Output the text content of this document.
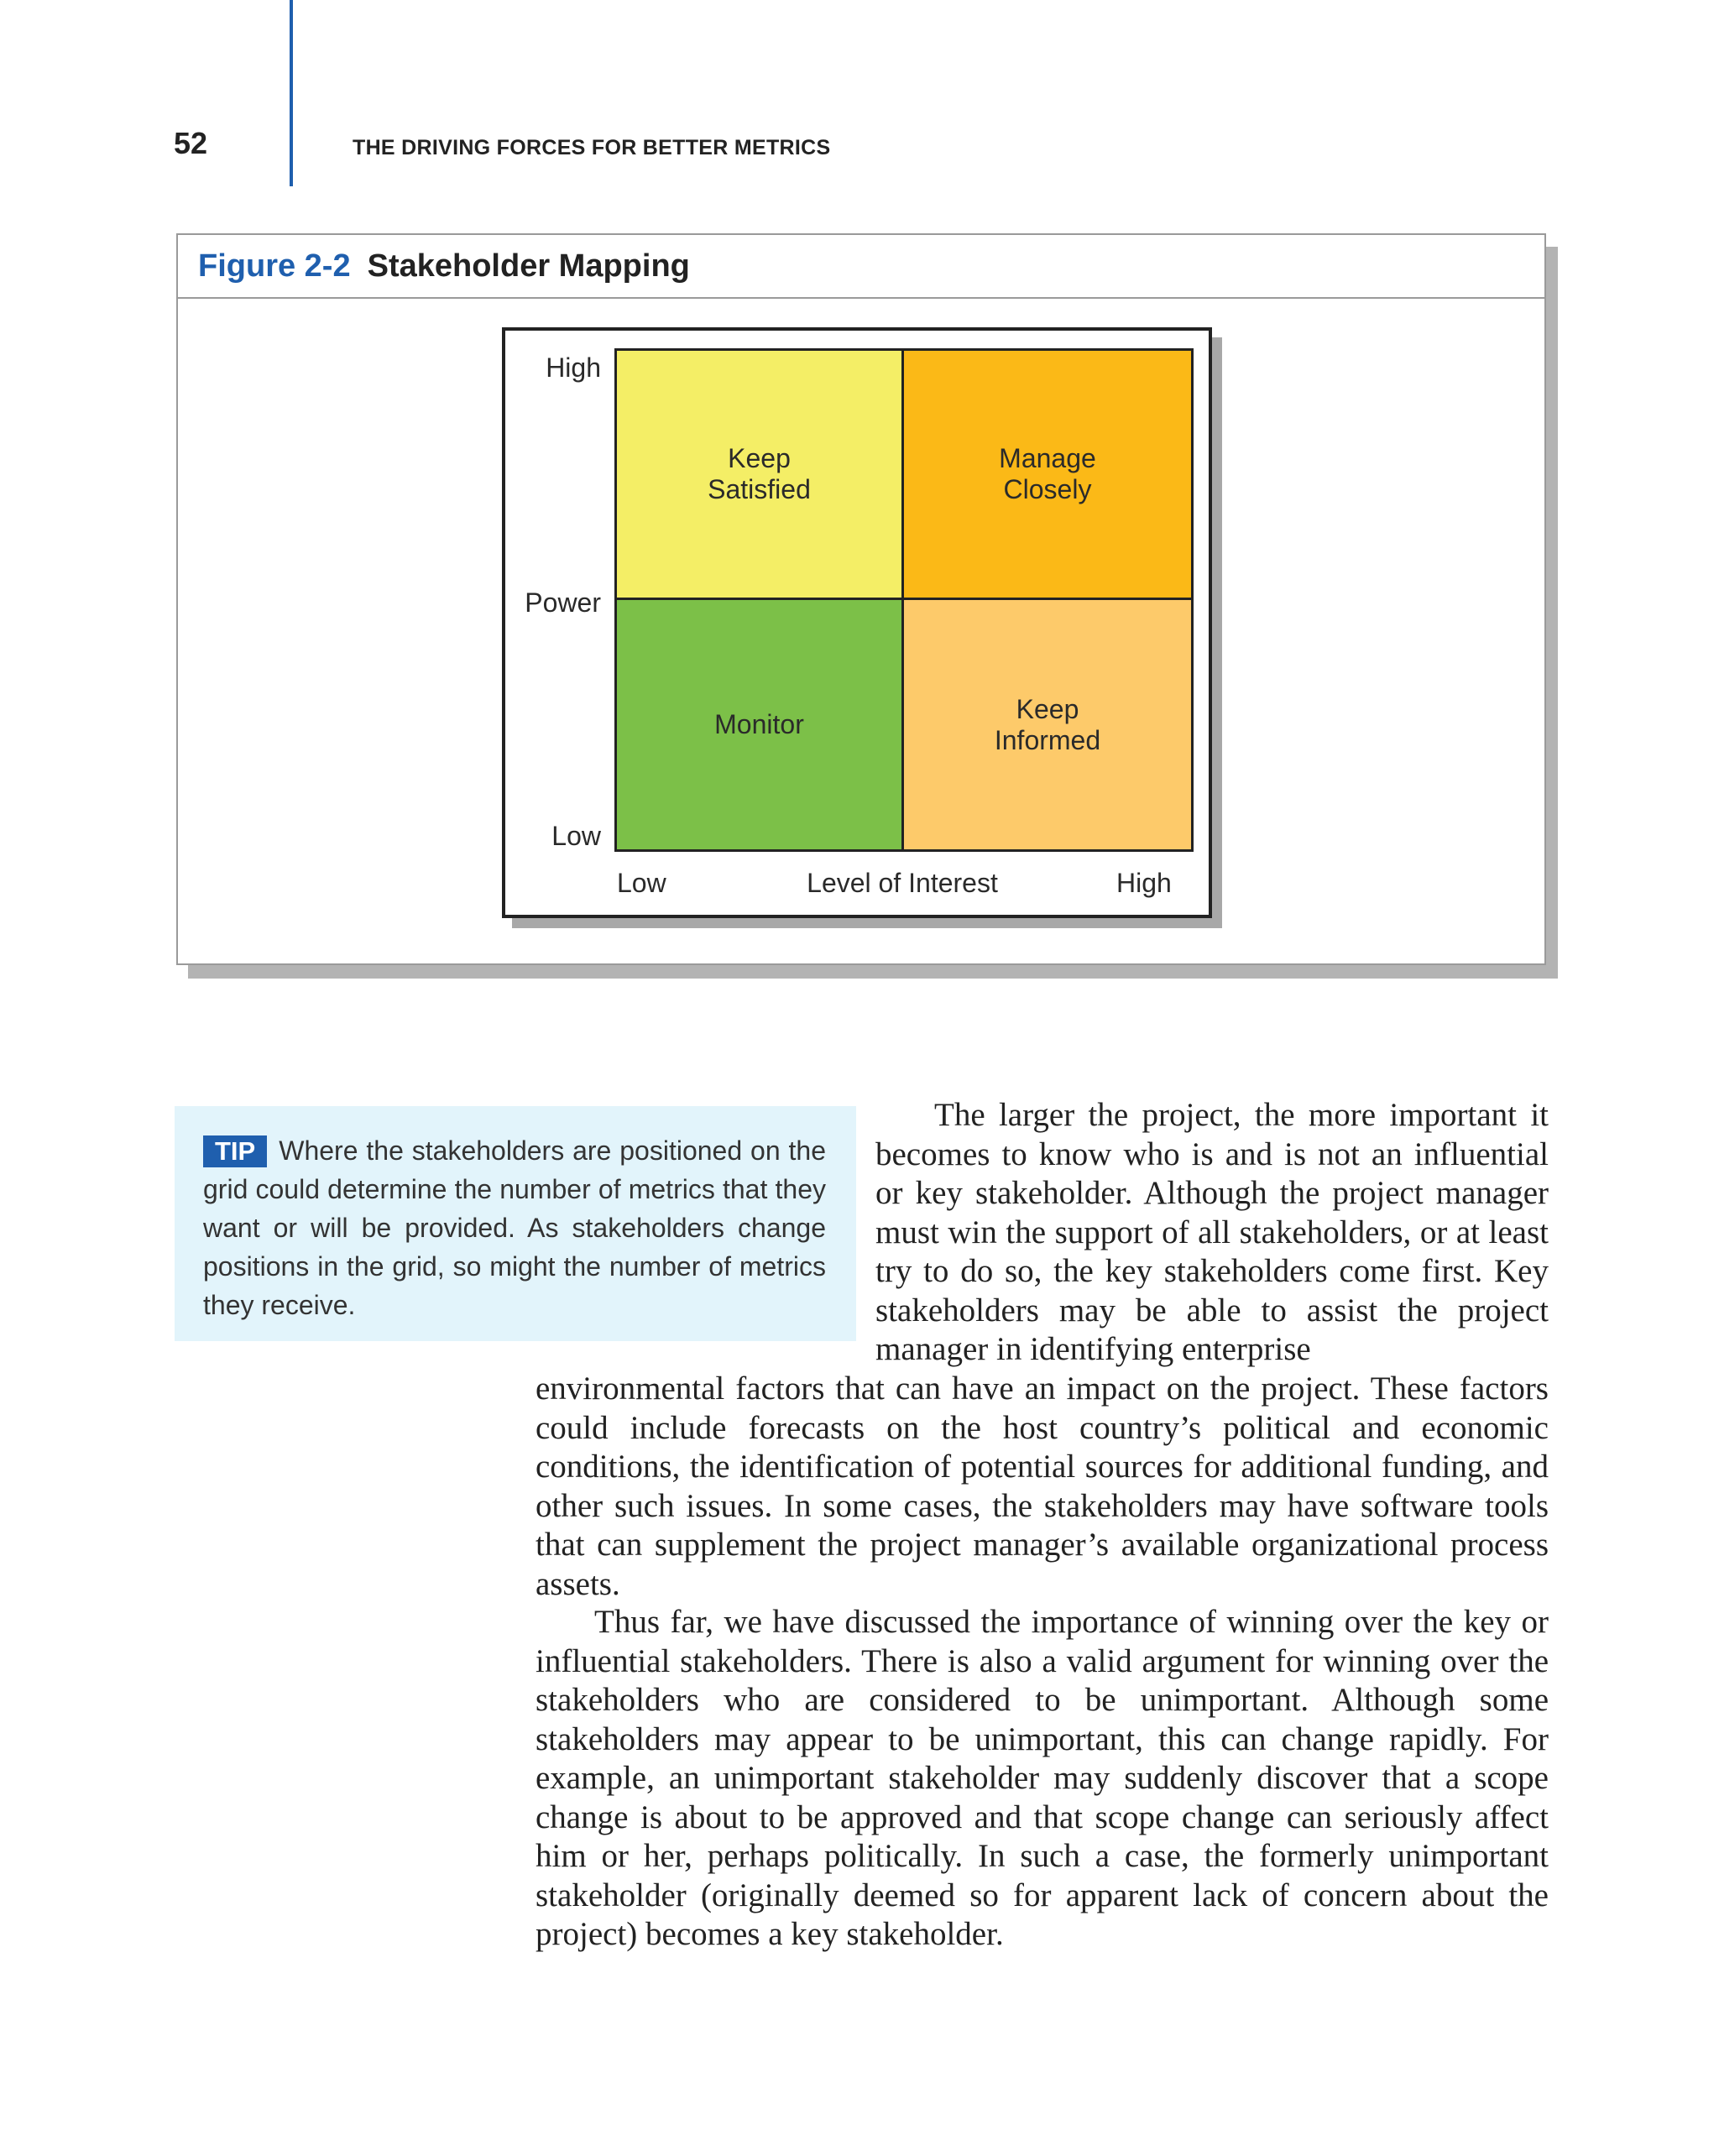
52	THE DRIVING FORCES FOR BETTER METRICS
Figure 2-2 Stakeholder Mapping
Keep
Satisfied
Manage
Closely
Monitor
Keep
Informed
High
Power
Low
Low	Level of Interest	High
TIP Where the stakeholders are positioned on the grid could determine the number of metrics that they want or will be provided. As stakeholders change positions in the grid, so might the number of metrics they receive.

The larger the project, the more important it becomes to know who is and is not an influential or key stakeholder. Although the project manager must win the support of all stakeholders, or at least try to do so, the key stakeholders come first. Key stakeholders may be able to assist the project manager in identifying enterprise

environmental factors that can have an impact on the project. These factors could include forecasts on the host country’s political and economic conditions, the identification of potential sources for additional funding, and other such issues. In some cases, the stakeholders may have software tools that can supplement the project manager’s available organizational process assets.

Thus far, we have discussed the importance of winning over the key or influential stakeholders. There is also a valid argument for winning over the stakeholders who are considered to be unimportant. Although some stakeholders may appear to be unimportant, this can change rapidly. For example, an unimportant stakeholder may suddenly discover that a scope change is about to be approved and that scope change can seriously affect him or her, perhaps politically. In such a case, the formerly unimportant stakeholder (originally deemed so for apparent lack of concern about the project) becomes a key stakeholder.
